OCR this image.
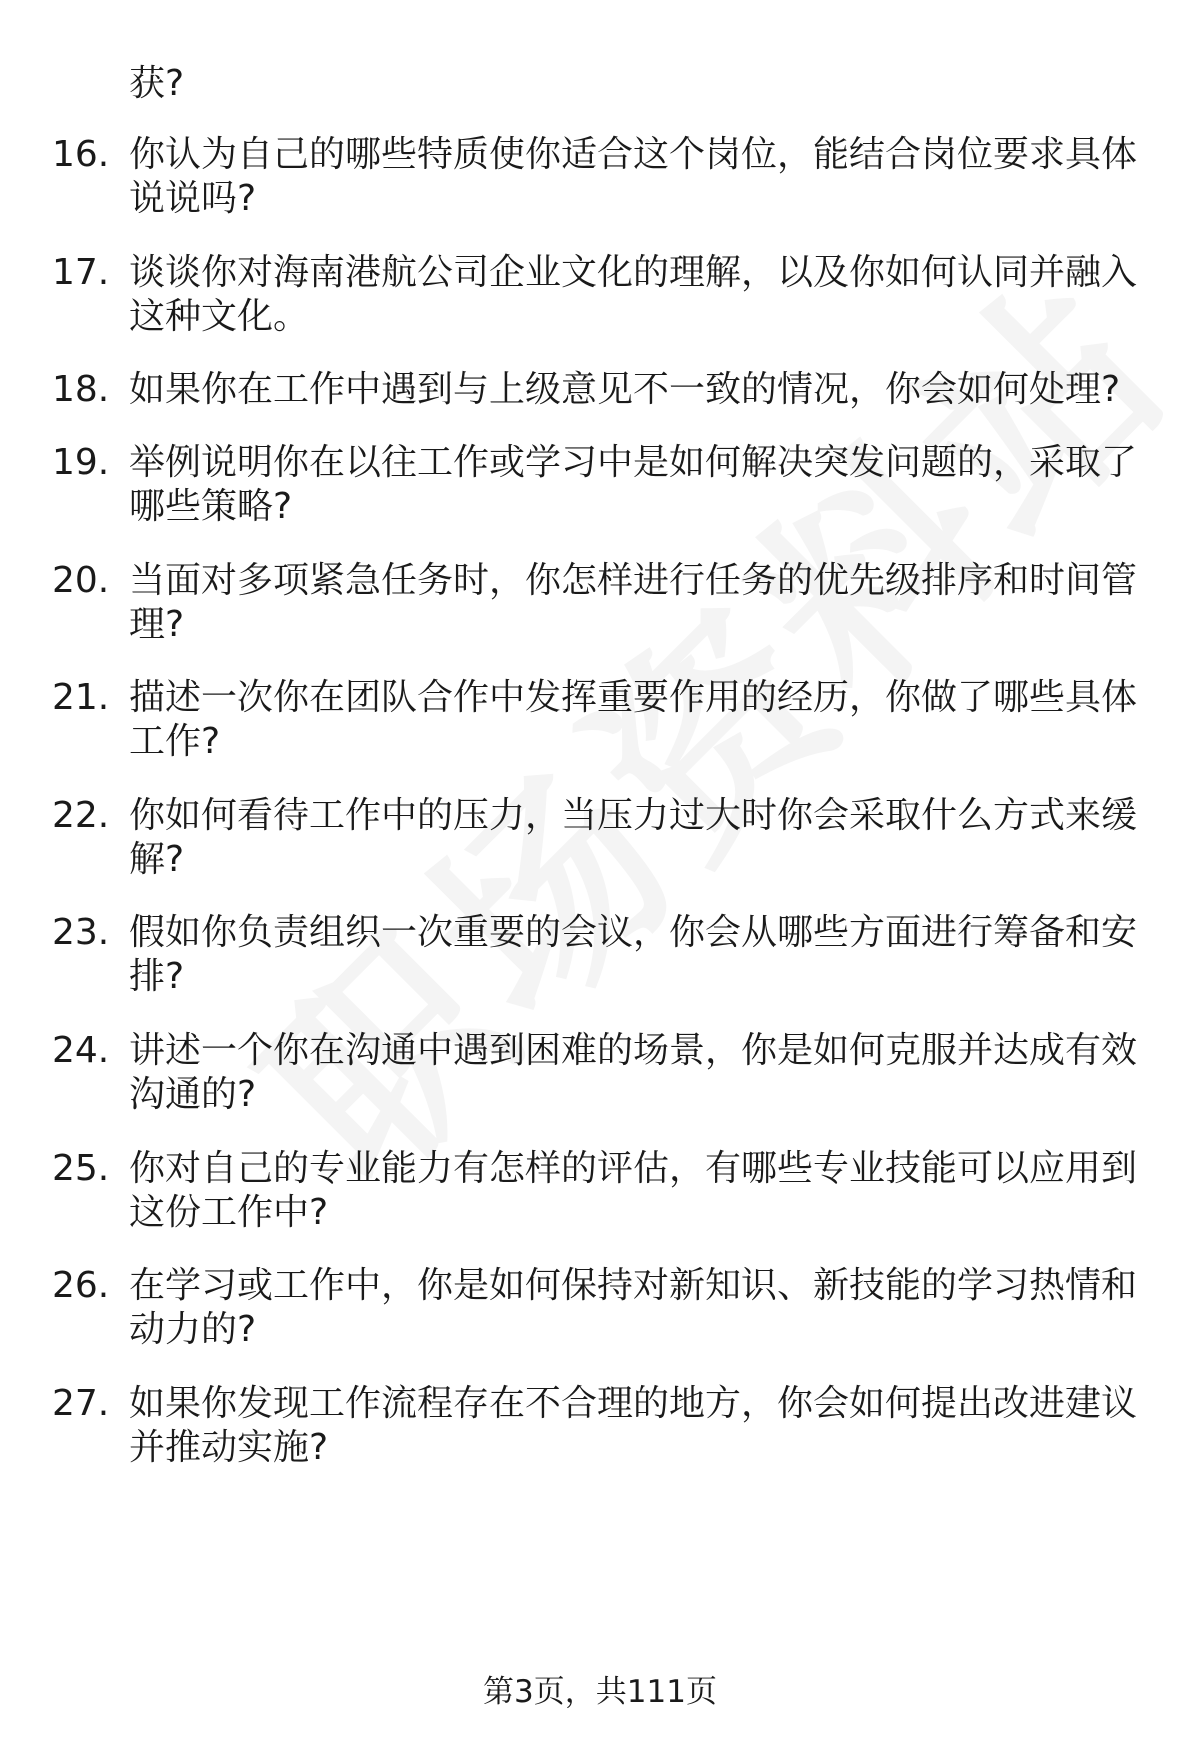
获?
16. 你认为自己的哪些特质使你适合这个岗位，能结合岗位要求具体
说说吗?
17. 谈谈你对海南港航公司企业文化的理解，以及你如何认同并融入
这种文化。
18. 如果你在工作中遇到与上级意见不一致的情况，你会如何处理?
19. 举例说明你在以往工作或学习中是如何解决突发问题的，采取了
哪些策略?
20. 当面对多项紧急任务时，你怎样进行任务的优先级排序和时间管
理?
21. 描述一次你在团队合作中发挥重要作用的经历，你做了哪些具体
工作?
22. 你如何看待工作中的压力，当压力过大时你会采取什么方式来缓
解?
23. 假如你负责组织一次重要的会议，你会从哪些方面进行筹备和安
排?
24. 讲述一个你在沟通中遇到困难的场景，你是如何克服并达成有效
沟通的?
25. 你对自己的专业能力有怎样的评估，有哪些专业技能可以应用到
这份工作中?
26. 在学习或工作中，你是如何保持对新知识、新技能的学习热情和
动力的?
27. 如果你发现工作流程存在不合理的地方，你会如何提出改进建议
并推动实施?
第3页，共111页
